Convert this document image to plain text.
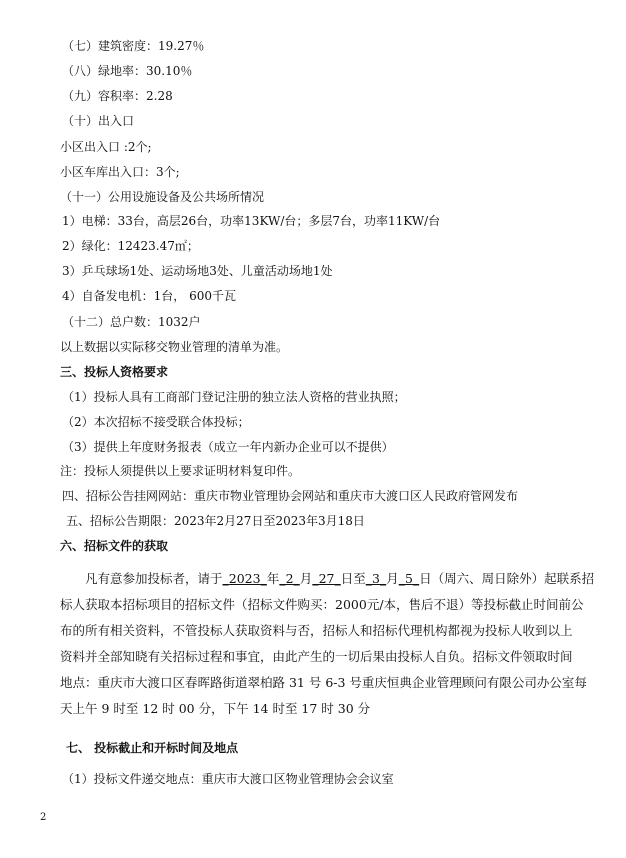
（七）建筑密度：19.27％
（八）绿地率：30.10％
（九）容积率：2.28
（十）出入口
小区出入口 :2个;
小区车库出入口：3个;
（十一）公用设施设备及公共场所情况
1）电梯：33台，高层26台，功率13KW/台；多层7台，功率11KW/台
2）绿化：12423.47㎡；
3）乒乓球场1处、运动场地3处、儿童活动场地1处
4）自备发电机：1台， 600千瓦
（十二）总户数：1032户
以上数据以实际移交物业管理的清单为准。
三、投标人资格要求
（1）投标人具有工商部门登记注册的独立法人资格的营业执照；
（2）本次招标不接受联合体投标；
（3）提供上年度财务报表（成立一年内新办企业可以不提供）
注：投标人须提供以上要求证明材料复印件。
四、招标公告挂网网站：重庆市物业管理协会网站和重庆市大渡口区人民政府管网发布
五、招标公告期限：2023年2月27日至2023年3月18日
六、招标文件的获取
凡有意参加投标者，请于_2023_年_2_月_27_日至_3_月_5_日（周六、周日除外）起联系招
标人获取本招标项目的招标文件（招标文件购买：2000元/本，售后不退）等投标截止时间前公
布的所有相关资料，不管投标人获取资料与否，招标人和招标代理机构都视为投标人收到以上
资料并全部知晓有关招标过程和事宜，由此产生的一切后果由投标人自负。招标文件领取时间
地点：重庆市大渡口区春晖路街道翠柏路 31 号 6-3 号重庆恒典企业管理顾问有限公司办公室每
天上午 9 时至 12 时 00 分，下午 14 时至 17 时 30 分
七、 投标截止和开标时间及地点
（1）投标文件递交地点：重庆市大渡口区物业管理协会会议室
2
